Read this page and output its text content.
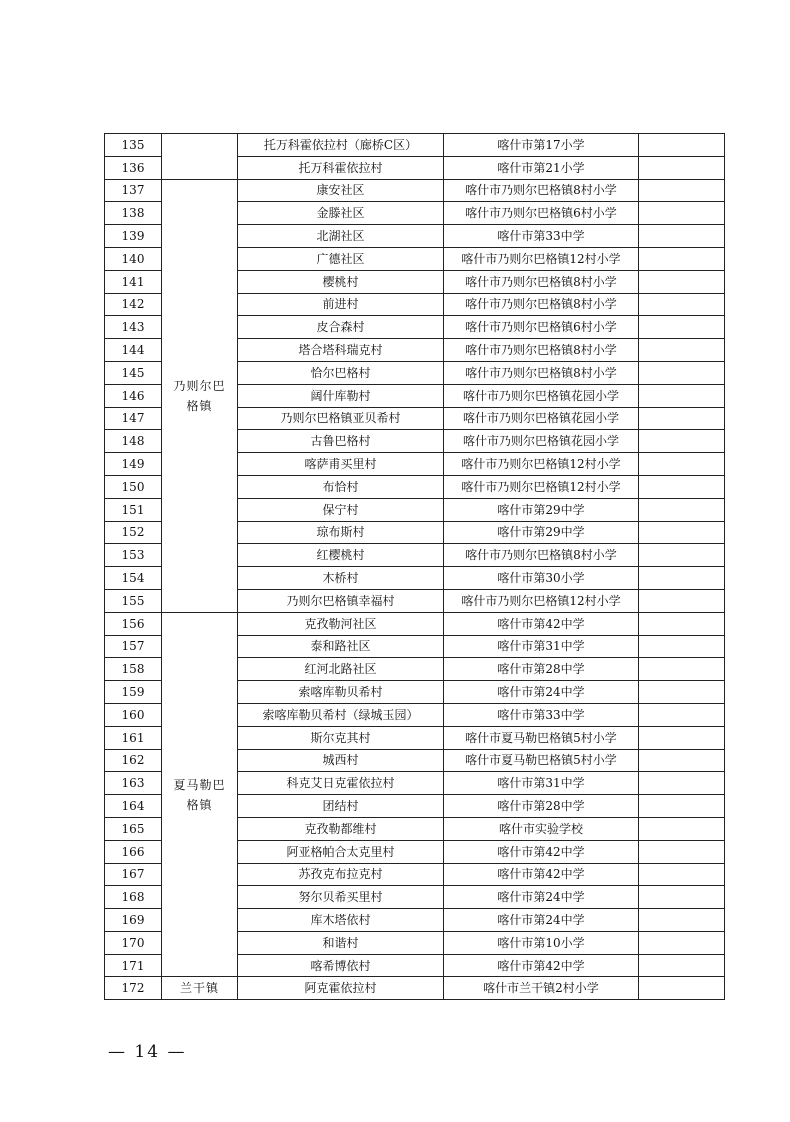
135		托万科霍依拉村（廊桥C区）	喀什市第17小学	
136		托万科霍依拉村	喀什市第21小学	
137	乃则尔巴格镇	康安社区	喀什市乃则尔巴格镇8村小学	
138		金滕社区	喀什市乃则尔巴格镇6村小学	
139		北湖社区	喀什市第33中学	
140		广德社区	喀什市乃则尔巴格镇12村小学	
141		樱桃村	喀什市乃则尔巴格镇8村小学	
142		前进村	喀什市乃则尔巴格镇8村小学	
143		皮合森村	喀什市乃则尔巴格镇6村小学	
144		塔合塔科瑞克村	喀什市乃则尔巴格镇8村小学	
145		恰尔巴格村	喀什市乃则尔巴格镇8村小学	
146		阔什库勒村	喀什市乃则尔巴格镇花园小学	
147		乃则尔巴格镇亚贝希村	喀什市乃则尔巴格镇花园小学	
148		古鲁巴格村	喀什市乃则尔巴格镇花园小学	
149		喀萨甫买里村	喀什市乃则尔巴格镇12村小学	
150		布恰村	喀什市乃则尔巴格镇12村小学	
151		保宁村	喀什市第29中学	
152		琼布斯村	喀什市第29中学	
153		红樱桃村	喀什市乃则尔巴格镇8村小学	
154		木桥村	喀什市第30小学	
155		乃则尔巴格镇幸福村	喀什市乃则尔巴格镇12村小学	
156	夏马勒巴格镇	克孜勒河社区	喀什市第42中学	
157		泰和路社区	喀什市第31中学	
158		红河北路社区	喀什市第28中学	
159		索喀库勒贝希村	喀什市第24中学	
160		索喀库勒贝希村（绿城玉园）	喀什市第33中学	
161		斯尔克其村	喀什市夏马勒巴格镇5村小学	
162		城西村	喀什市夏马勒巴格镇5村小学	
163		科克艾日克霍依拉村	喀什市第31中学	
164		团结村	喀什市第28中学	
165		克孜勒都维村	喀什市实验学校	
166		阿亚格帕合太克里村	喀什市第42中学	
167		苏孜克布拉克村	喀什市第42中学	
168		努尔贝希买里村	喀什市第24中学	
169		库木塔依村	喀什市第24中学	
170		和谐村	喀什市第10小学	
171		喀希博依村	喀什市第42中学	
172	兰干镇	阿克霍依拉村	喀什市兰干镇2村小学	
— 14 —
